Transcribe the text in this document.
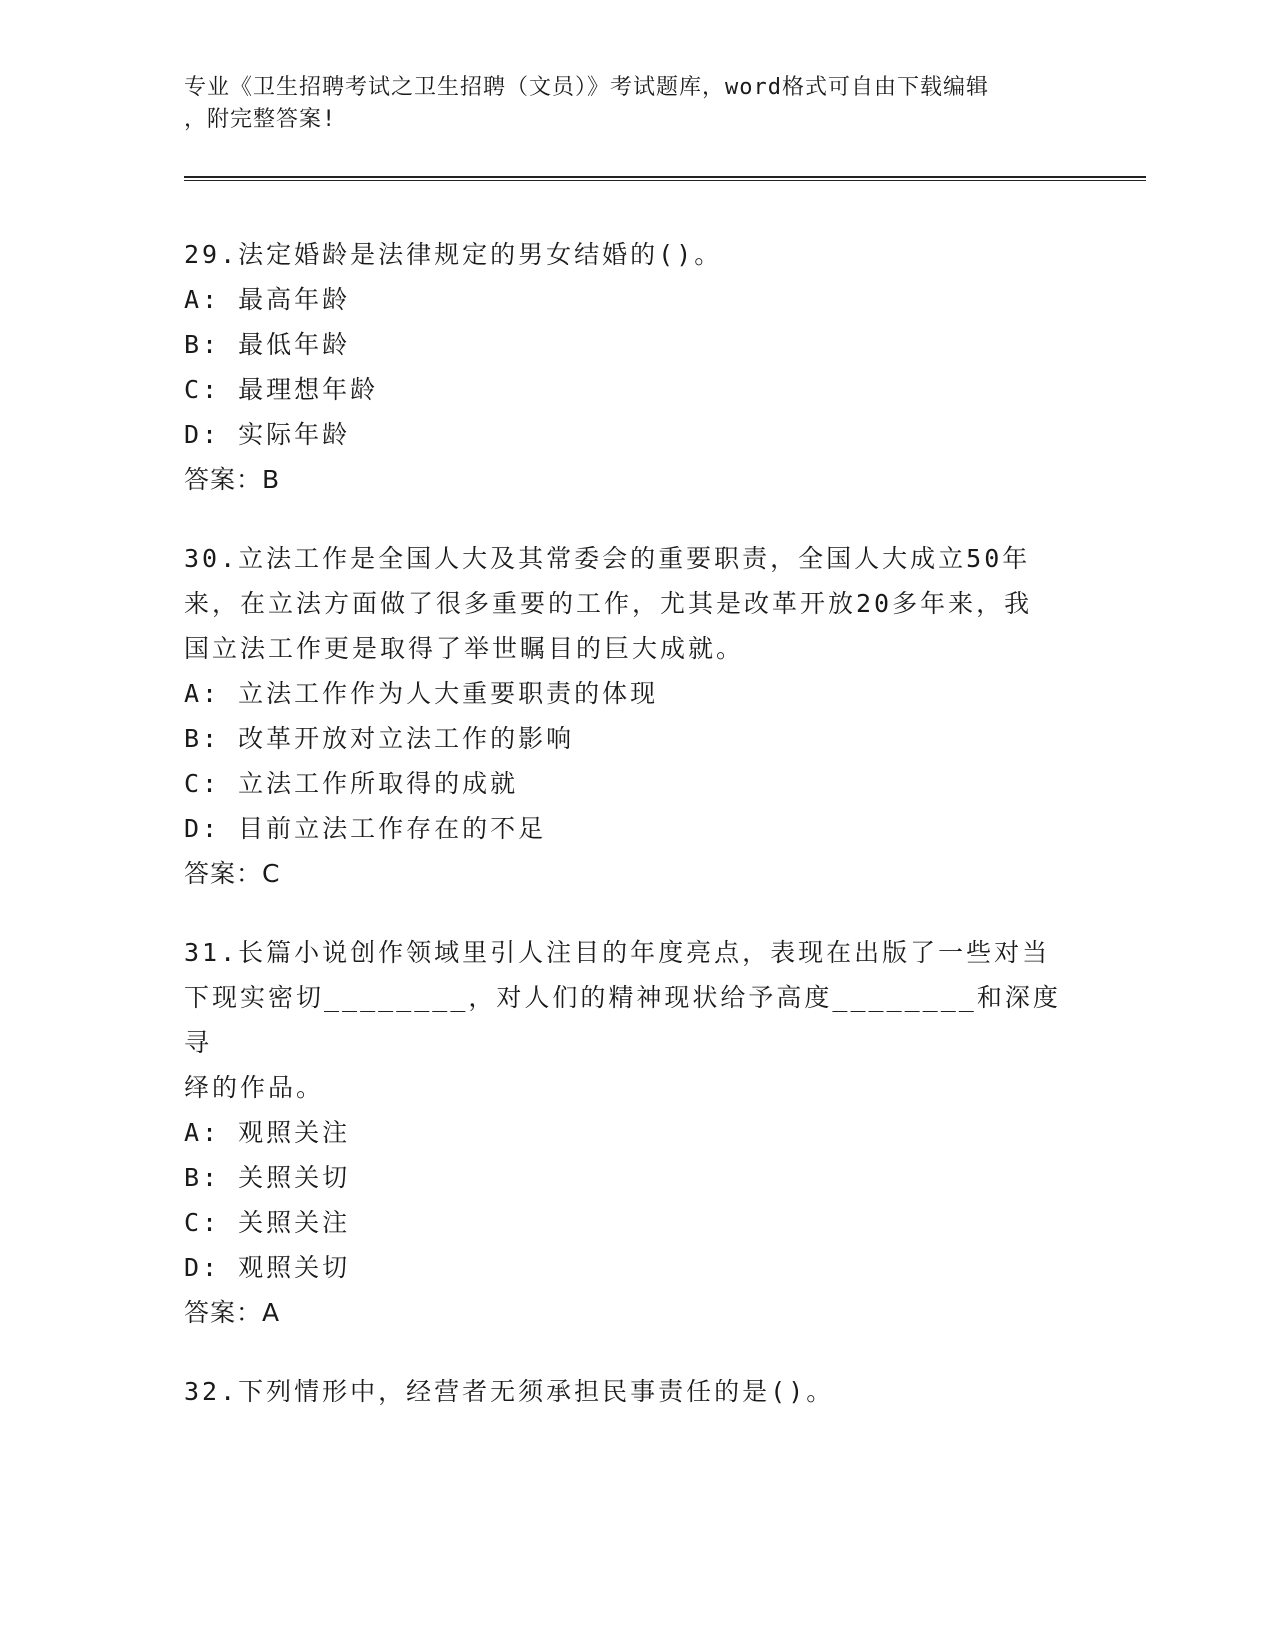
专业《卫生招聘考试之卫生招聘（文员）》考试题库，word格式可自由下载编辑
，附完整答案!
29.法定婚龄是法律规定的男女结婚的()。
A: 最高年龄
B: 最低年龄
C: 最理想年龄
D: 实际年龄
答案：B
30.立法工作是全国人大及其常委会的重要职责，全国人大成立50年
来，在立法方面做了很多重要的工作，尤其是改革开放20多年来，我
国立法工作更是取得了举世瞩目的巨大成就。
A: 立法工作作为人大重要职责的体现
B: 改革开放对立法工作的影响
C: 立法工作所取得的成就
D: 目前立法工作存在的不足
答案：C
31.长篇小说创作领域里引人注目的年度亮点，表现在出版了一些对当
下现实密切________，对人们的精神现状给予高度________和深度寻
绎的作品。
A: 观照关注
B: 关照关切
C: 关照关注
D: 观照关切
答案：A
32.下列情形中，经营者无须承担民事责任的是()。
